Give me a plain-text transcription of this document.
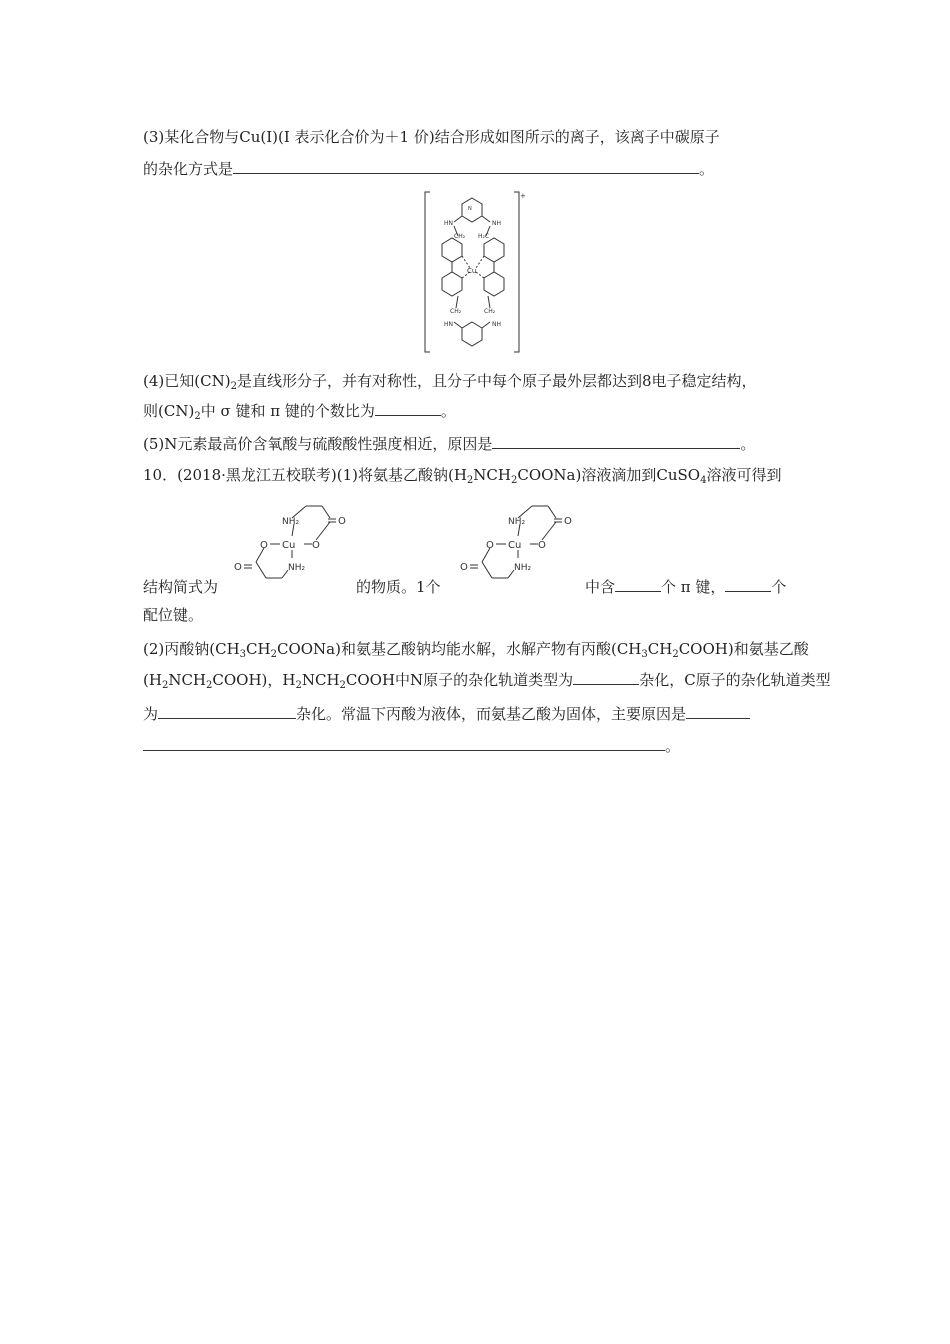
(3)某化合物与Cu(Ⅰ)(Ⅰ 表示化合价为＋1 价)结合形成如图所示的离子，该离子中碳原子
的杂化方式是	。
+
Cu
N
HN	NH
CH₂ H₂C
CH₂	CH₂
HN	NH
(4)已知$(CN)_2$是直线形分子，并有对称性，且分子中每个原子最外层都达到8电子稳定结构，
则$(CN)_2$中 σ 键和 π 键的个数比为	。
(5)N元素最高价含氧酸与硫酸酸性强度相近，原因是	。
10．(2018·黑龙江五校联考)(1)将氨基乙酸钠$(H_2NCH_2COONa)$溶液滴加到CuSO$_4$溶液可得到
NH₂	O
O Cu O
O	NH₂
NH₂	O
O Cu O
O	NH₂
结构简式为	的物质。1个	中含	个 π 键，	个
配位键。
(2)丙酸钠$(CH_3CH_2COONa)$和氨基乙酸钠均能水解，水解产物有丙酸$(CH_3CH_2COOH)$和氨基乙酸
$(H_2NCH_2COOH)$，$H_2NCH_2COOH$中N原子的杂化轨道类型为	杂化，C原子的杂化轨道类型
为	杂化。常温下丙酸为液体，而氨基乙酸为固体，主要原因是
。
